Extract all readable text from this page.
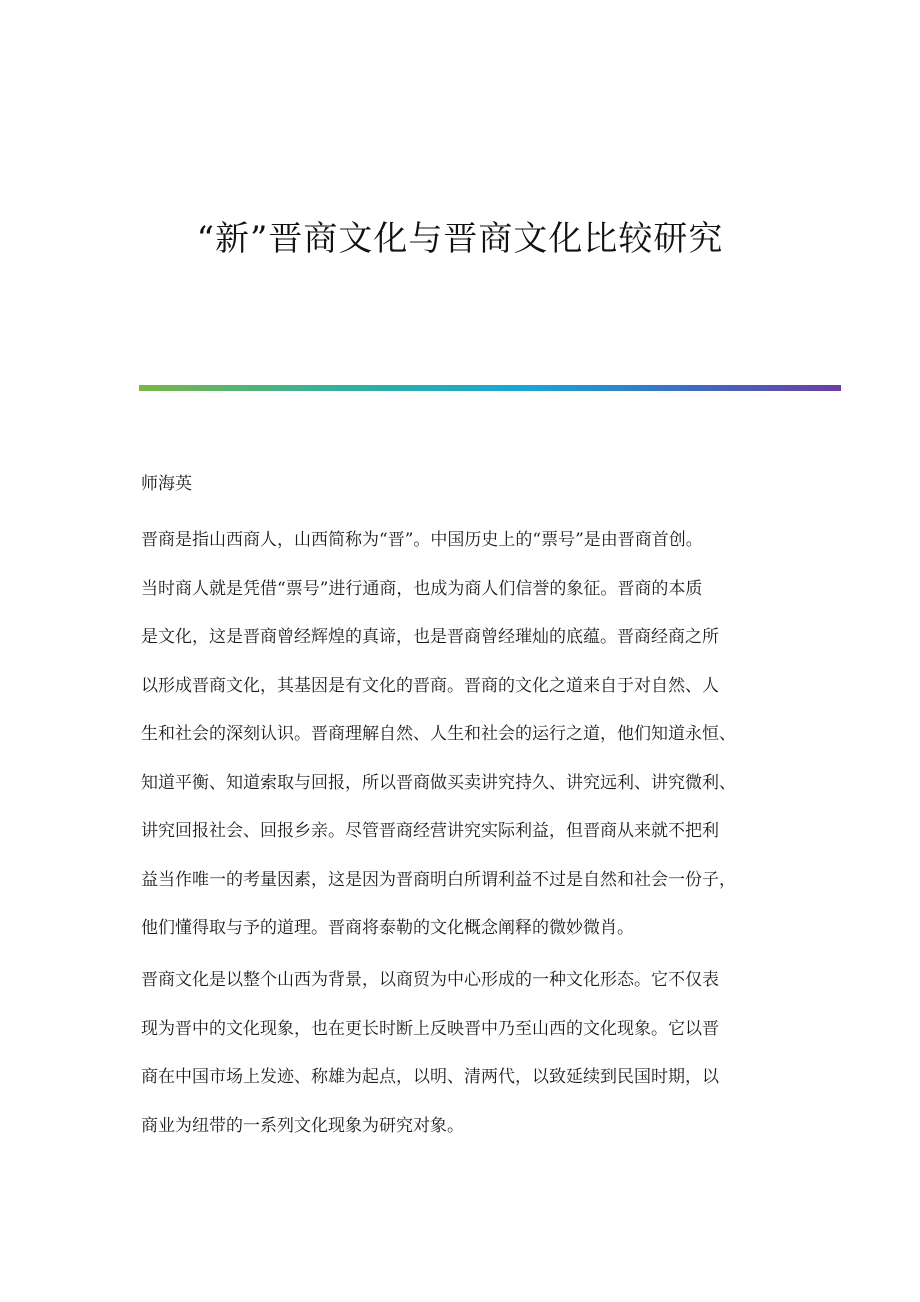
“新”晋商文化与晋商文化比较研究

师海英

晋商是指山西商人，山西简称为“晋”。中国历史上的“票号”是由晋商首创。
当时商人就是凭借“票号”进行通商，也成为商人们信誉的象征。晋商的本质
是文化，这是晋商曾经辉煌的真谛，也是晋商曾经璀灿的底蕴。晋商经商之所
以形成晋商文化，其基因是有文化的晋商。晋商的文化之道来自于对自然、人
生和社会的深刻认识。晋商理解自然、人生和社会的运行之道，他们知道永恒、
知道平衡、知道索取与回报，所以晋商做买卖讲究持久、讲究远利、讲究微利、
讲究回报社会、回报乡亲。尽管晋商经营讲究实际利益，但晋商从来就不把利
益当作唯一的考量因素，这是因为晋商明白所谓利益不过是自然和社会一份子，
他们懂得取与予的道理。晋商将泰勒的文化概念阐释的微妙微肖。

晋商文化是以整个山西为背景，以商贸为中心形成的一种文化形态。它不仅表
现为晋中的文化现象，也在更长时断上反映晋中乃至山西的文化现象。它以晋
商在中国市场上发迹、称雄为起点，以明、清两代，以致延续到民国时期，以
商业为纽带的一系列文化现象为研究对象。
